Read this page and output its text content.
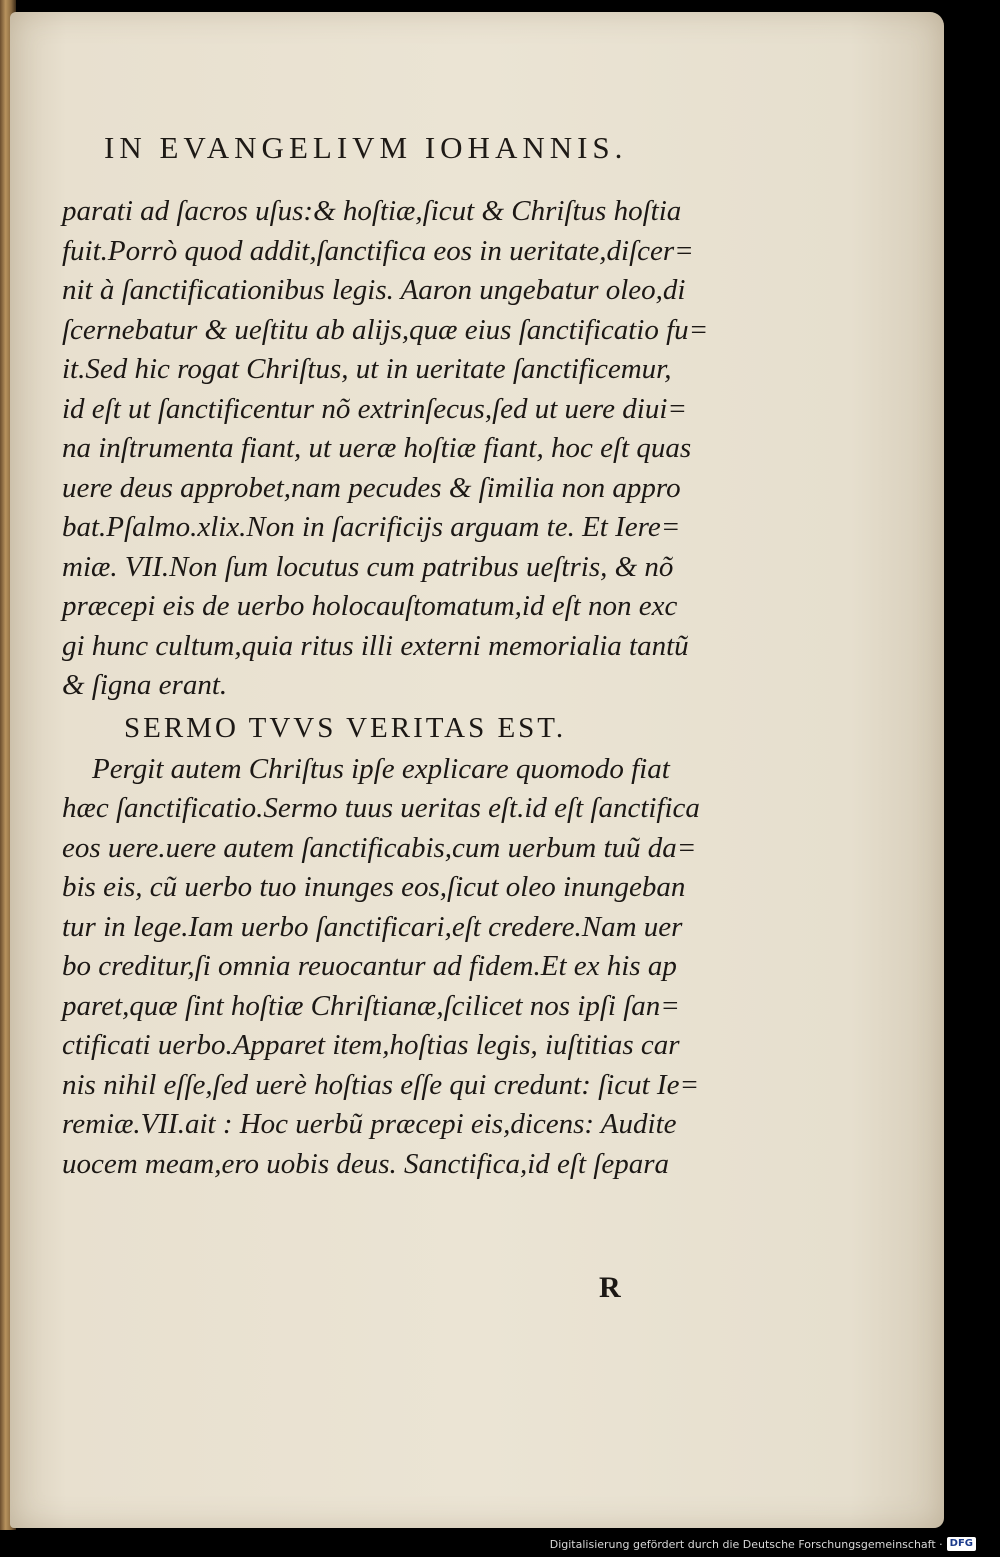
IN EVANGELIVM IOHANNIS.
parati ad ſacros uſus:& hoſtiæ,ſicut & Chriſtus hoſtia
fuit.Porrò quod addit,ſanctifica eos in ueritate,diſcer=
nit à ſanctificationibus legis. Aaron ungebatur oleo,di
ſcernebatur & ueſtitu ab alijs,quæ eius ſanctificatio fu=
it.Sed hic rogat Chriſtus, ut in ueritate ſanctificemur,
id eſt ut ſanctificentur nõ extrinſecus,ſed ut uere diui=
na inſtrumenta fiant, ut ueræ hoſtiæ fiant, hoc eſt quas
uere deus approbet,nam pecudes & ſimilia non appro
bat.Pſalmo.xlix.Non in ſacrificijs arguam te. Et Iere=
miæ. VII.Non ſum locutus cum patribus ueſtris, & nõ
præcepi eis de uerbo holocauſtomatum,id eſt non exc
gi hunc cultum,quia ritus illi externi memorialia tantũ
& ſigna erant.
SERMO TVVS VERITAS EST.
Pergit autem Chriſtus ipſe explicare quomodo fiat
hæc ſanctificatio.Sermo tuus ueritas eſt.id eſt ſanctifica
eos uere.uere autem ſanctificabis,cum uerbum tuũ da=
bis eis, cũ uerbo tuo inunges eos,ſicut oleo inungeban
tur in lege.Iam uerbo ſanctificari,eſt credere.Nam uer
bo creditur,ſi omnia reuocantur ad fidem.Et ex his ap
paret,quæ ſint hoſtiæ Chriſtianæ,ſcilicet nos ipſi ſan=
ctificati uerbo.Apparet item,hoſtias legis, iuſtitias car
nis nihil eſſe,ſed uerè hoſtias eſſe qui credunt: ſicut Ie=
remiæ.VII.ait : Hoc uerbũ præcepi eis,dicens: Audite
uocem meam,ero uobis deus. Sanctifica,id eſt ſepara
R
Digitalisierung gefördert durch die Deutsche Forschungsgemeinschaft · DFG
